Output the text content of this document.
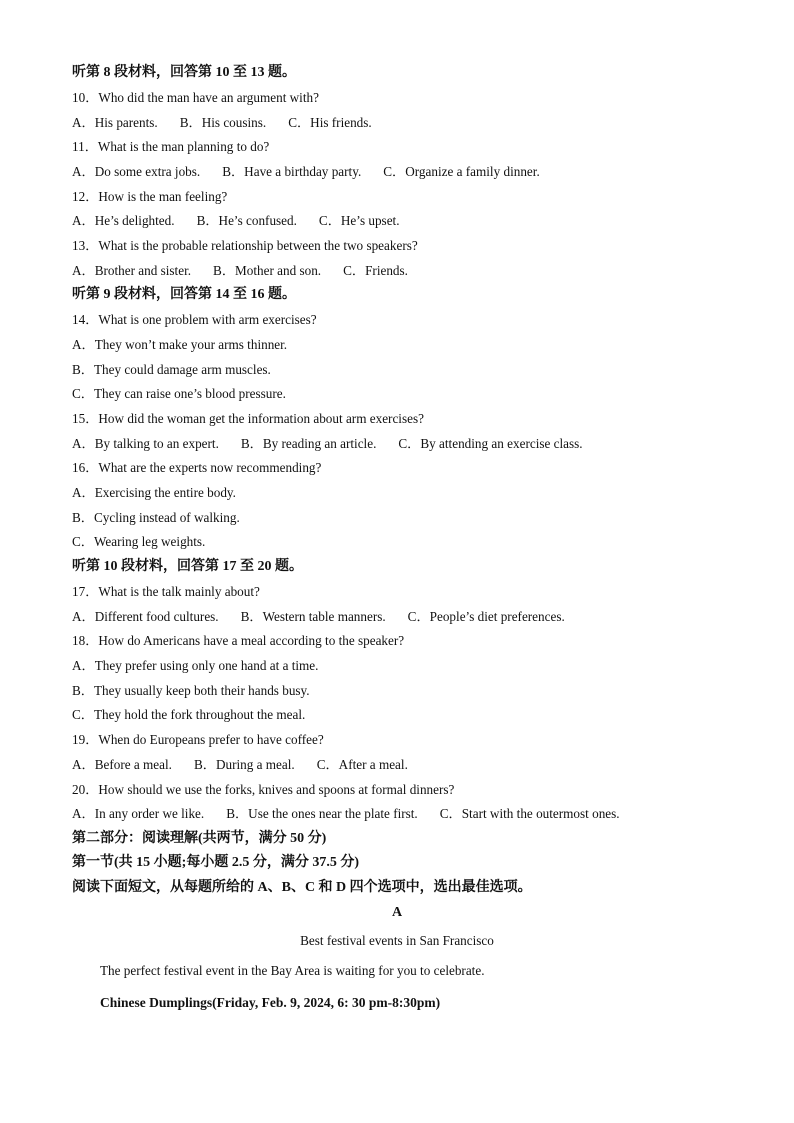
听第 8 段材料，回答第 10 至 13 题。
10．Who did the man have an argument with?
A．His parents. B．His cousins. C．His friends.
11．What is the man planning to do?
A．Do some extra jobs. B．Have a birthday party. C．Organize a family dinner.
12．How is the man feeling?
A．He’s delighted. B．He’s confused. C．He’s upset.
13．What is the probable relationship between the two speakers?
A．Brother and sister. B．Mother and son. C．Friends.
听第 9 段材料，回答第 14 至 16 题。
14．What is one problem with arm exercises?
A．They won’t make your arms thinner.
B．They could damage arm muscles.
C．They can raise one’s blood pressure.
15．How did the woman get the information about arm exercises?
A．By talking to an expert. B．By reading an article. C．By attending an exercise class.
16．What are the experts now recommending?
A．Exercising the entire body.
B．Cycling instead of walking.
C．Wearing leg weights.
听第 10 段材料，回答第 17 至 20 题。
17．What is the talk mainly about?
A．Different food cultures. B．Western table manners. C．People’s diet preferences.
18．How do Americans have a meal according to the speaker?
A．They prefer using only one hand at a time.
B．They usually keep both their hands busy.
C．They hold the fork throughout the meal.
19．When do Europeans prefer to have coffee?
A．Before a meal. B．During a meal. C．After a meal.
20．How should we use the forks, knives and spoons at formal dinners?
A．In any order we like. B．Use the ones near the plate first. C．Start with the outermost ones.
第二部分：阅读理解(共两节，满分 50 分)
第一节(共 15 小题;每小题 2.5 分，满分 37.5 分)
阅读下面短文，从每题所给的 A、B、C 和 D 四个选项中，选出最佳选项。
A
Best festival events in San Francisco
The perfect festival event in the Bay Area is waiting for you to celebrate.
Chinese Dumplings(Friday, Feb. 9, 2024, 6: 30 pm-8:30pm)
